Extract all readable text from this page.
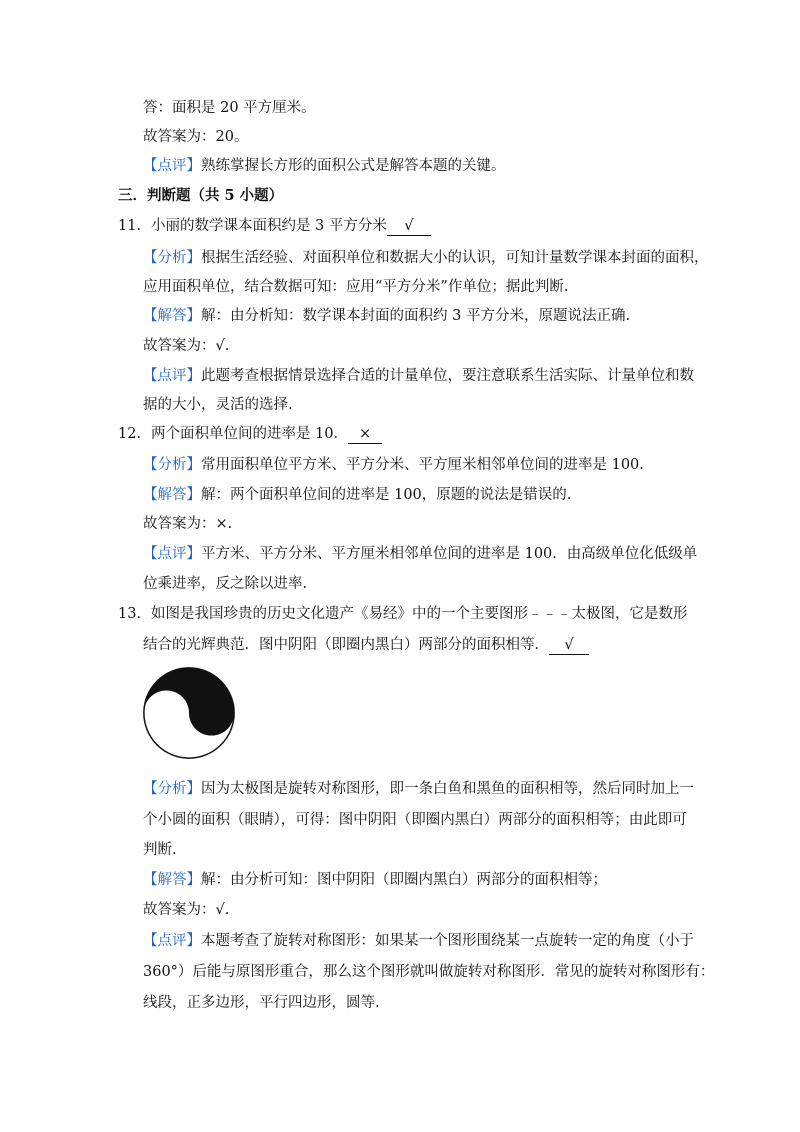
答：面积是 20 平方厘米。
故答案为：20。
【点评】熟练掌握长方形的面积公式是解答本题的关键。
三．判断题（共 5 小题）
11．小丽的数学课本面积约是 3 平方分米 √
【分析】根据生活经验、对面积单位和数据大小的认识，可知计量数学课本封面的面积，
应用面积单位，结合数据可知：应用“平方分米”作单位；据此判断.
【解答】解：由分析知：数学课本封面的面积约 3 平方分米，原题说法正确.
故答案为：√.
【点评】此题考查根据情景选择合适的计量单位，要注意联系生活实际、计量单位和数
据的大小，灵活的选择.
12．两个面积单位间的进率是 10． ×
【分析】常用面积单位平方米、平方分米、平方厘米相邻单位间的进率是 100.
【解答】解：两个面积单位间的进率是 100，原题的说法是错误的.
故答案为：×.
【点评】平方米、平方分米、平方厘米相邻单位间的进率是 100．由高级单位化低级单
位乘进率，反之除以进率.
13．如图是我国珍贵的历史文化遗产《易经》中的一个主要图形﹣﹣﹣太极图，它是数形
结合的光辉典范．图中阴阳（即圈内黑白）两部分的面积相等． √
【分析】因为太极图是旋转对称图形，即一条白鱼和黑鱼的面积相等，然后同时加上一
个小圆的面积（眼睛），可得：图中阴阳（即圈内黑白）两部分的面积相等；由此即可
判断.
【解答】解：由分析可知：图中阴阳（即圈内黑白）两部分的面积相等；
故答案为：√.
【点评】本题考查了旋转对称图形：如果某一个图形围绕某一点旋转一定的角度（小于
360°）后能与原图形重合，那么这个图形就叫做旋转对称图形．常见的旋转对称图形有：
线段，正多边形，平行四边形，圆等.
